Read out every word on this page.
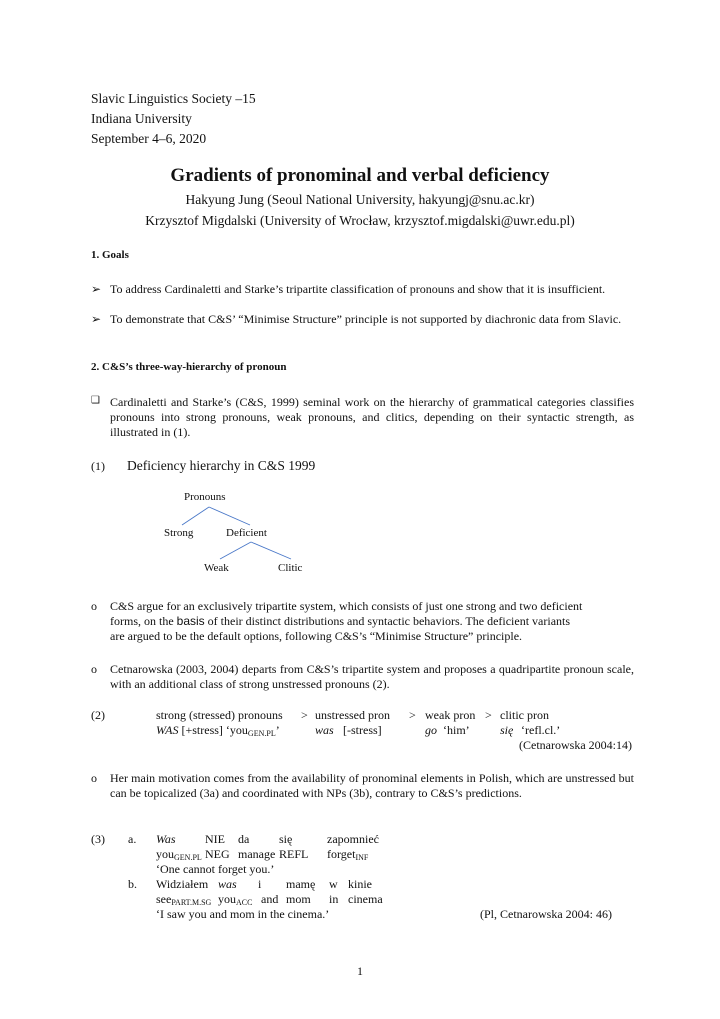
Slavic Linguistics Society –15
Indiana University
September 4–6, 2020
Gradients of pronominal and verbal deficiency
Hakyung Jung (Seoul National University, hakyungj@snu.ac.kr)
Krzysztof Migdalski (University of Wrocław, krzysztof.migdalski@uwr.edu.pl)
1. Goals
➢ To address Cardinaletti and Starke’s tripartite classification of pronouns and show that it is insufficient.
➢ To demonstrate that C&S’ “Minimise Structure” principle is not supported by diachronic data from Slavic.
2. C&S’s three-way-hierarchy of pronoun
❑ Cardinaletti and Starke’s (C&S, 1999) seminal work on the hierarchy of grammatical categories classifies pronouns into strong pronouns, weak pronouns, and clitics, depending on their syntactic strength, as illustrated in (1).
(1) Deficiency hierarchy in C&S 1999
Pronouns
Strong	Deficient
Weak	Clitic
o C&S argue for an exclusively tripartite system, which consists of just one strong and two deficient
forms, on the basis of their distinct distributions and syntactic behaviors. The deficient variants
are argued to be the default options, following C&S’s “Minimise Structure” principle.
o Cetnarowska (2003, 2004) departs from C&S’s tripartite system and proposes a quadripartite pronoun scale, with an additional class of strong unstressed pronouns (2).
(2)	strong (stressed) pronouns > unstressed pron > weak pron > clitic pron
WAS [+stress] ‘you$_{GEN.PL}$’	was [-stress]	go ‘him’	się ‘refl.cl.’
(Cetnarowska 2004:14)
o Her main motivation comes from the availability of pronominal elements in Polish, which are unstressed but can be topicalized (3a) and coordinated with NPs (3b), contrary to C&S’s predictions.
(3) a. Was NIE da się	zapomnieć
you$_{GEN.PL}$ NEG manage REFL forget$_{INF}$
‘One cannot forget you.’
b. Widziałem was i mamę w kinie
see$_{PART.M.SG}$ you$_{ACC}$ and mom in cinema
‘I saw you and mom in the cinema.’	(Pl, Cetnarowska 2004: 46)
1
